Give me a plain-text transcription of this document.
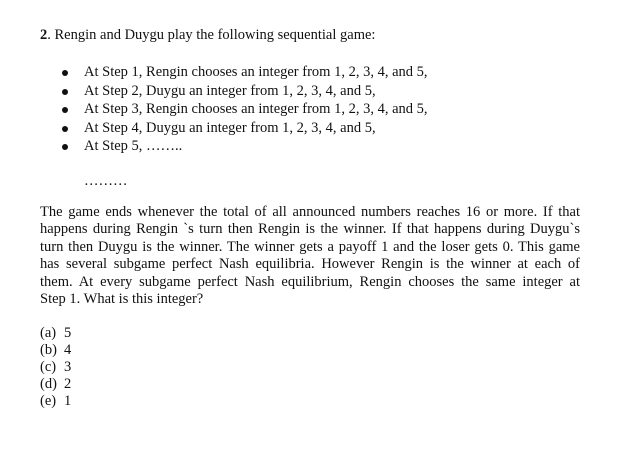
2. Rengin and Duygu play the following sequential game:
At Step 1, Rengin chooses an integer from 1, 2, 3, 4, and 5,
At Step 2, Duygu an integer from 1, 2, 3, 4, and 5,
At Step 3, Rengin chooses an integer from 1, 2, 3, 4, and 5,
At Step 4, Duygu an integer from 1, 2, 3, 4, and 5,
At Step 5, ……..
………
The game ends whenever the total of all announced numbers reaches 16 or more. If that
happens during Rengin `s turn then Rengin is the winner. If that happens during Duygu`s
turn then Duygu is the winner. The winner gets a payoff 1 and the loser gets 0. This game
has several subgame perfect Nash equilibria. However Rengin is the winner at each of
them. At every subgame perfect Nash equilibrium, Rengin chooses the same integer at
Step 1. What is this integer?
(a) 5
(b) 4
(c) 3
(d) 2
(e) 1
